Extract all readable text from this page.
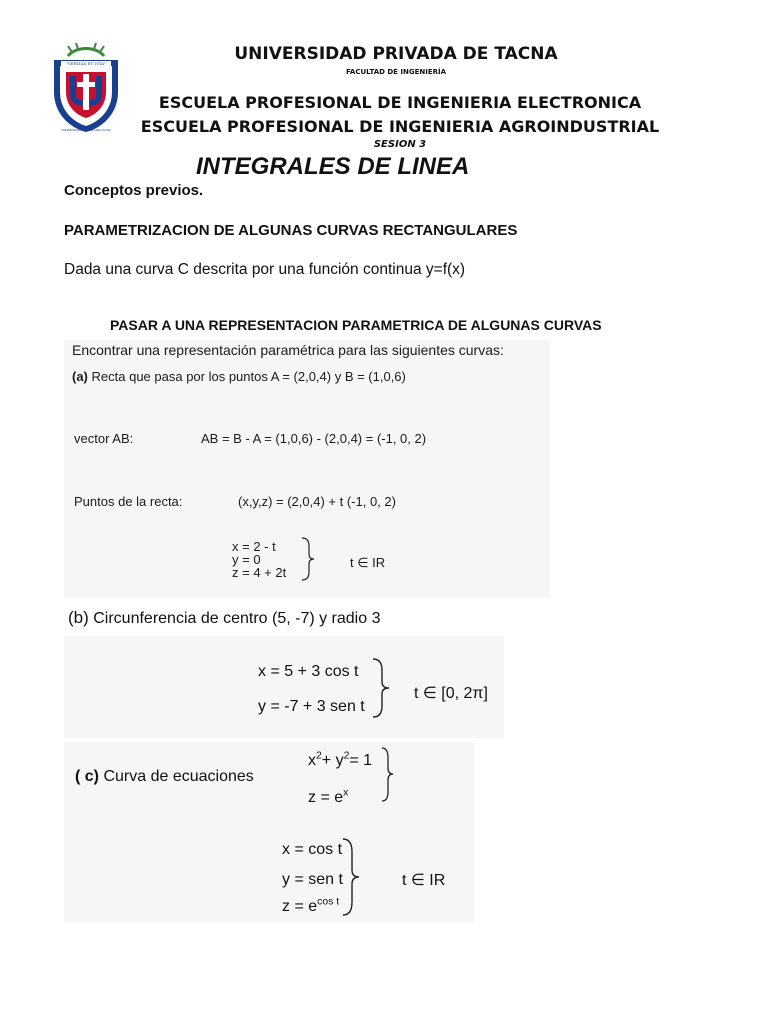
"VERITAS ET VITA"
UNIVERSIDAD PRIVADA DE TACNA
UNIVERSIDAD PRIVADA DE TACNA
FACULTAD DE INGENIERÍA
ESCUELA PROFESIONAL DE INGENIERIA ELECTRONICA
ESCUELA PROFESIONAL DE INGENIERIA AGROINDUSTRIAL
SESION 3
INTEGRALES DE LINEA
Conceptos previos.
PARAMETRIZACION DE ALGUNAS CURVAS RECTANGULARES
Dada una curva C descrita por una función continua y=f(x)
PASAR A UNA REPRESENTACION PARAMETRICA DE ALGUNAS CURVAS
Encontrar una representación paramétrica para las siguientes curvas:
(a) Recta que pasa por los puntos A = (2,0,4) y B = (1,0,6)
vector AB:	AB = B - A = (1,0,6) - (2,0,4) = (-1, 0, 2)
Puntos de la recta:	(x,y,z) = (2,0,4) + t (-1, 0, 2)
x = 2 - t
y = 0
z = 4 + 2t
t ∈ IR
(b) Circunferencia de centro (5, -7) y radio 3
x = 5 + 3 cos t
y = -7 + 3 sen t
t ∈ [0, 2π]
( c) Curva de ecuaciones
$x^2+ y^2= 1$
$z = e^x$
x = cos t
y = sen t
$z = e^{cos t}$
t ∈ IR
